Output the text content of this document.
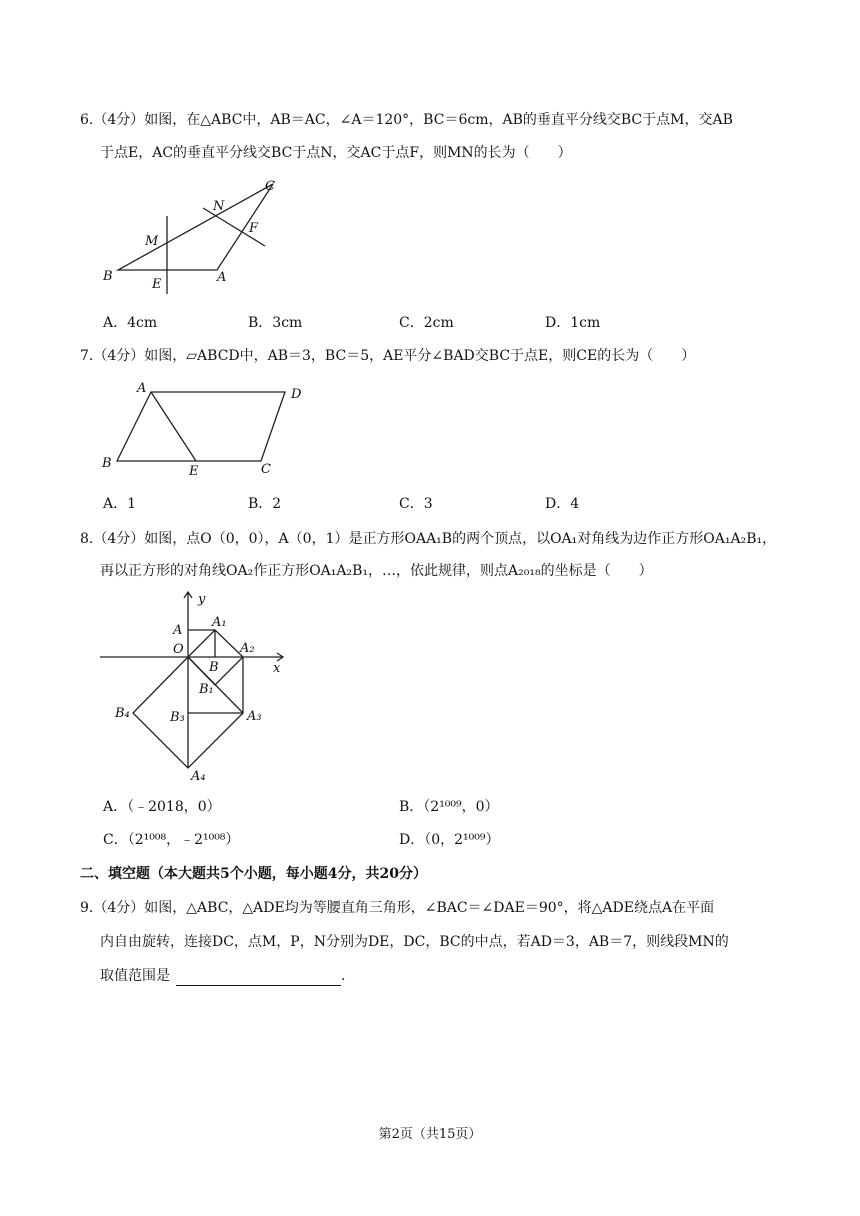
6.（4分）如图，在△ABC中，AB＝AC，∠A＝120°，BC＝6cm，AB的垂直平分线交BC于点M，交AB
于点E，AC的垂直平分线交BC于点N，交AC于点F，则MN的长为（　　）
B
E	A
M
N
C
F
A．4cm	B．3cm	C．2cm	D．1cm
7.（4分）如图，▱ABCD中，AB＝3，BC＝5，AE平分∠BAD交BC于点E，则CE的长为（　　）
A	D
B
E	C
A．1	B．2	C．3	D．4
8.（4分）如图，点O（0，0），A（0，1）是正方形OAA₁B的两个顶点，以OA₁对角线为边作正方形OA₁A₂B₁，
再以正方形的对角线OA₂作正方形OA₁A₂B₁，…，依此规律，则点A₂₀₁₈的坐标是（　　）
y
x
A
O
A₁
B
A₂
B₁
B₃	A₃
B₄
A₄
A．（﹣2018，0）	B．（2¹⁰⁰⁹，0）
C．（2¹⁰⁰⁸，﹣2¹⁰⁰⁸）	D．（0，2¹⁰⁰⁹）
二、填空题（本大题共5个小题，每小题4分，共20分）
9.（4分）如图，△ABC，△ADE均为等腰直角三角形，∠BAC＝∠DAE＝90°，将△ADE绕点A在平面
内自由旋转，连接DC，点M，P，N分别为DE，DC，BC的中点，若AD＝3，AB＝7，则线段MN的
取值范围是	.
第2页（共15页）
